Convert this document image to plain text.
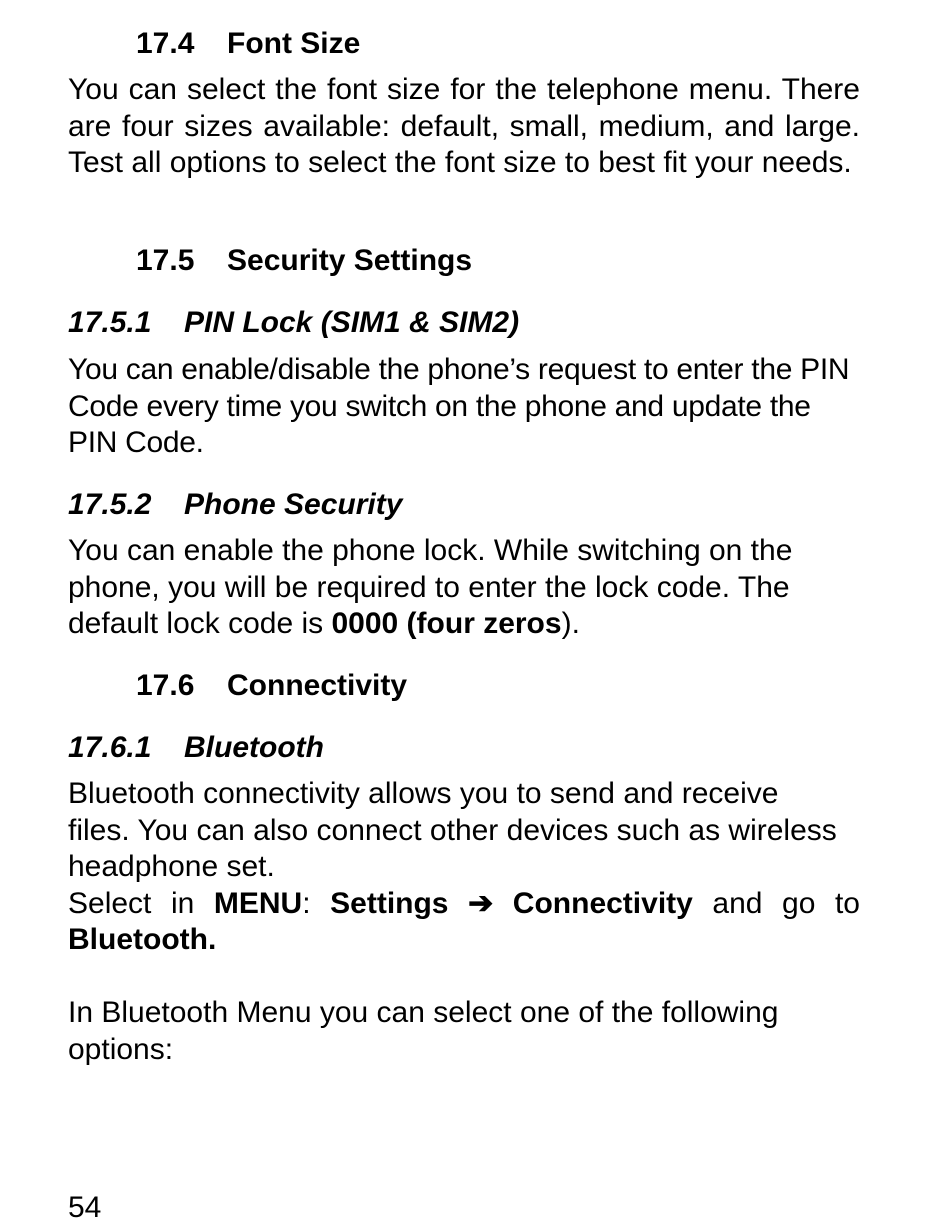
17.4 Font Size

You can select the font size for the telephone menu. There are four sizes available: default, small, medium, and large. Test all options to select the font size to best fit your needs.

17.5 Security Settings
17.5.1 PIN Lock (SIM1 & SIM2)

You can enable/disable the phone’s request to enter the PIN Code every time you switch on the phone and update the PIN Code.

17.5.2 Phone Security

You can enable the phone lock. While switching on the phone, you will be required to enter the lock code. The default lock code is 0000 (four zeros).

17.6 Connectivity
17.6.1 Bluetooth

Bluetooth connectivity allows you to send and receive files. You can also connect other devices such as wireless headphone set.

Select in MENU: Settings ➔ Connectivity and go to

Bluetooth.

In Bluetooth Menu you can select one of the following options:

54
